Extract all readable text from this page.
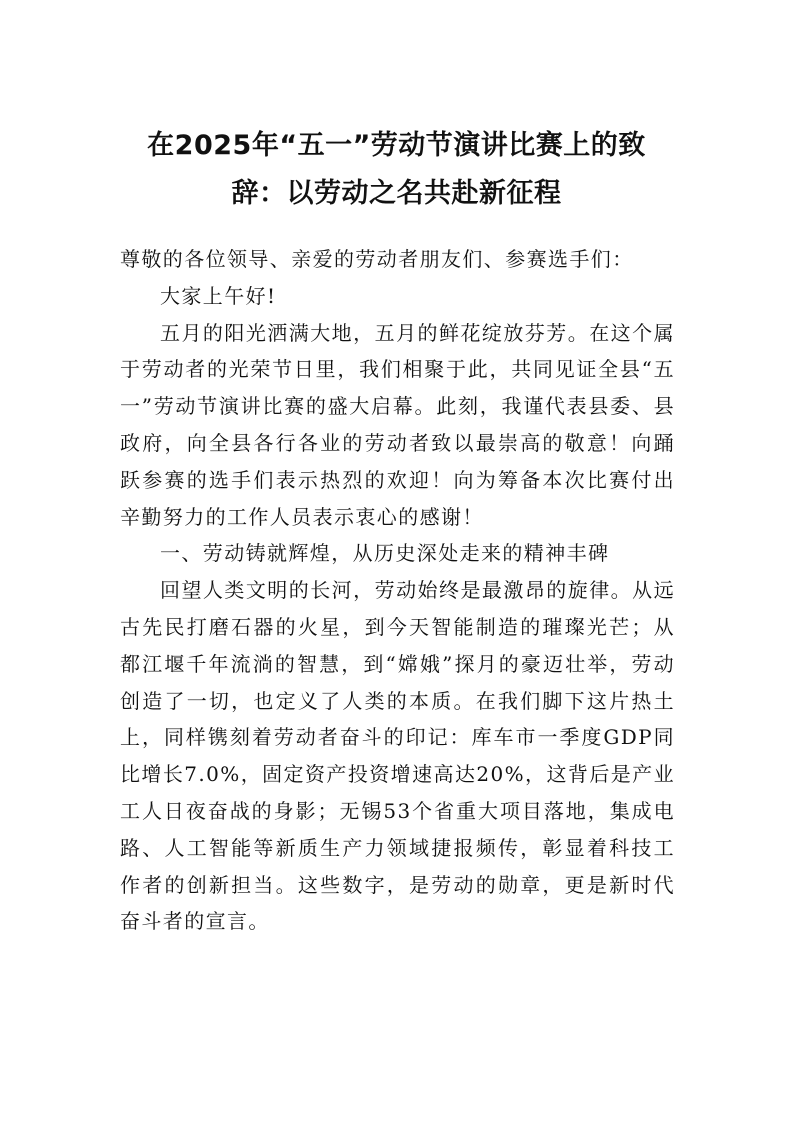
在2025年“五一”劳动节演讲比赛上的致
辞：以劳动之名共赴新征程

尊敬的各位领导、亲爱的劳动者朋友们、参赛选手们：

大家上午好!

五月的阳光洒满大地，五月的鲜花绽放芬芳。在这个属于劳动者的光荣节日里，我们相聚于此，共同见证全县“五一”劳动节演讲比赛的盛大启幕。此刻，我谨代表县委、县政府，向全县各行各业的劳动者致以最崇高的敬意！向踊跃参赛的选手们表示热烈的欢迎！向为筹备本次比赛付出辛勤努力的工作人员表示衷心的感谢！

一、劳动铸就辉煌，从历史深处走来的精神丰碑

回望人类文明的长河，劳动始终是最激昂的旋律。从远古先民打磨石器的火星，到今天智能制造的璀璨光芒；从都江堰千年流淌的智慧，到“嫦娥”探月的豪迈壮举，劳动创造了一切，也定义了人类的本质。在我们脚下这片热土上，同样镌刻着劳动者奋斗的印记：库车市一季度GDP同比增长7.0%，固定资产投资增速高达20%，这背后是产业工人日夜奋战的身影；无锡53个省重大项目落地，集成电路、人工智能等新质生产力领域捷报频传，彰显着科技工作者的创新担当。这些数字，是劳动的勋章，更是新时代奋斗者的宣言。
